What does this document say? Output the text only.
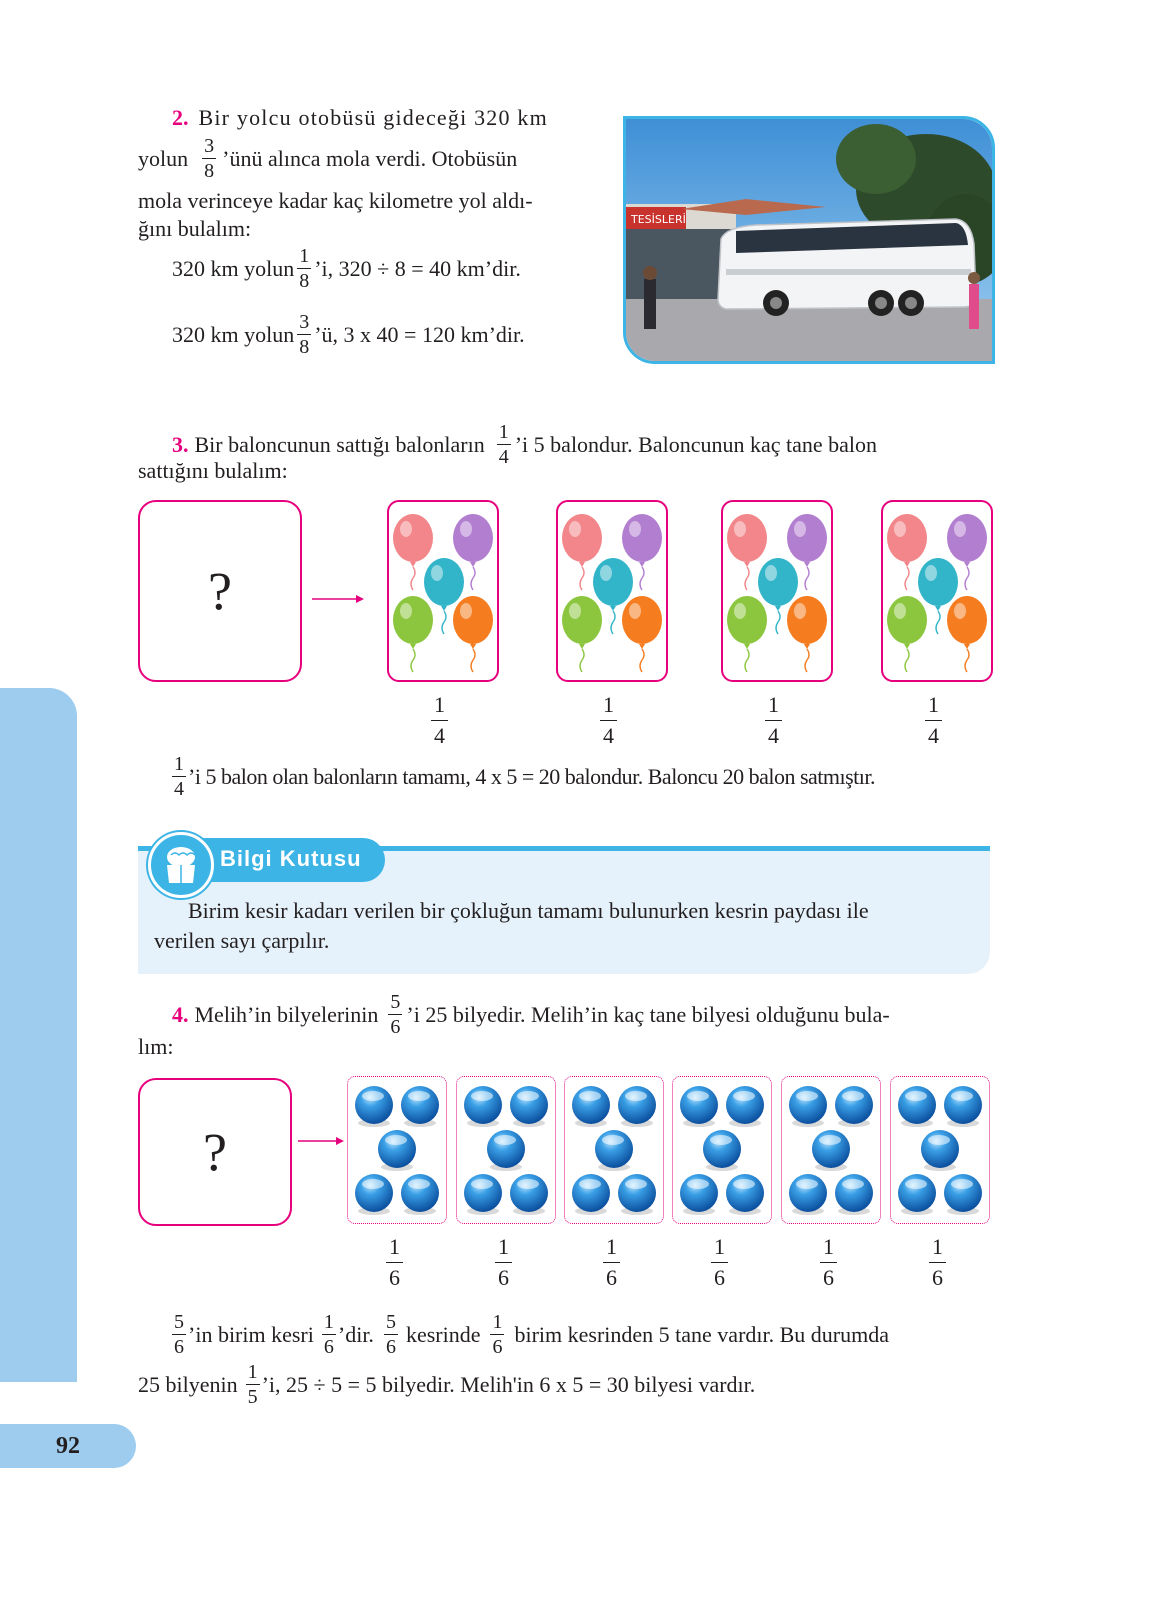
92
2. Bir yolcu otobüsü gideceği 320 km
yolun $\frac{3}{8}$ ’ünü alınca mola verdi. Otobüsün
mola verinceye kadar kaç kilometre yol aldı-
ğını bulalım:
320 km yolun $\frac{1}{8}$ ’i, 320 ÷ 8 = 40 km’dir.
320 km yolun $\frac{3}{8}$ ’ü, 3 x 40 = 120 km’dir.
TESİSLERİ
3. Bir baloncunun sattığı balonların $\frac{1}{4}$ ’i 5 balondur. Baloncunun kaç tane balon
sattığını bulalım:
?
1
4
1
4
1
4
1
4
$\frac{1}{4}$ ’i 5 balon olan balonların tamamı, 4 x 5 = 20 balondur. Baloncu 20 balon satmıştır.
Bilgi Kutusu
Birim kesir kadarı verilen bir çokluğun tamamı bulunurken kesrin paydası ile
verilen sayı çarpılır.
4. Melih’in bilyelerinin $\frac{5}{6}$ ’i 25 bilyedir. Melih’in kaç tane bilyesi olduğunu bula-
lım:
?
1
6
1
6
1
6
1
6
1
6
1
6
$\frac{5}{6}$ ’in birim kesri $\frac{1}{6}$ ’dir. $\frac{5}{6}$ kesrinde $\frac{1}{6}$ birim kesrinden 5 tane vardır. Bu durumda
25 bilyenin $\frac{1}{5}$ ’i, 25 ÷ 5 = 5 bilyedir. Melih'in 6 x 5 = 30 bilyesi vardır.
